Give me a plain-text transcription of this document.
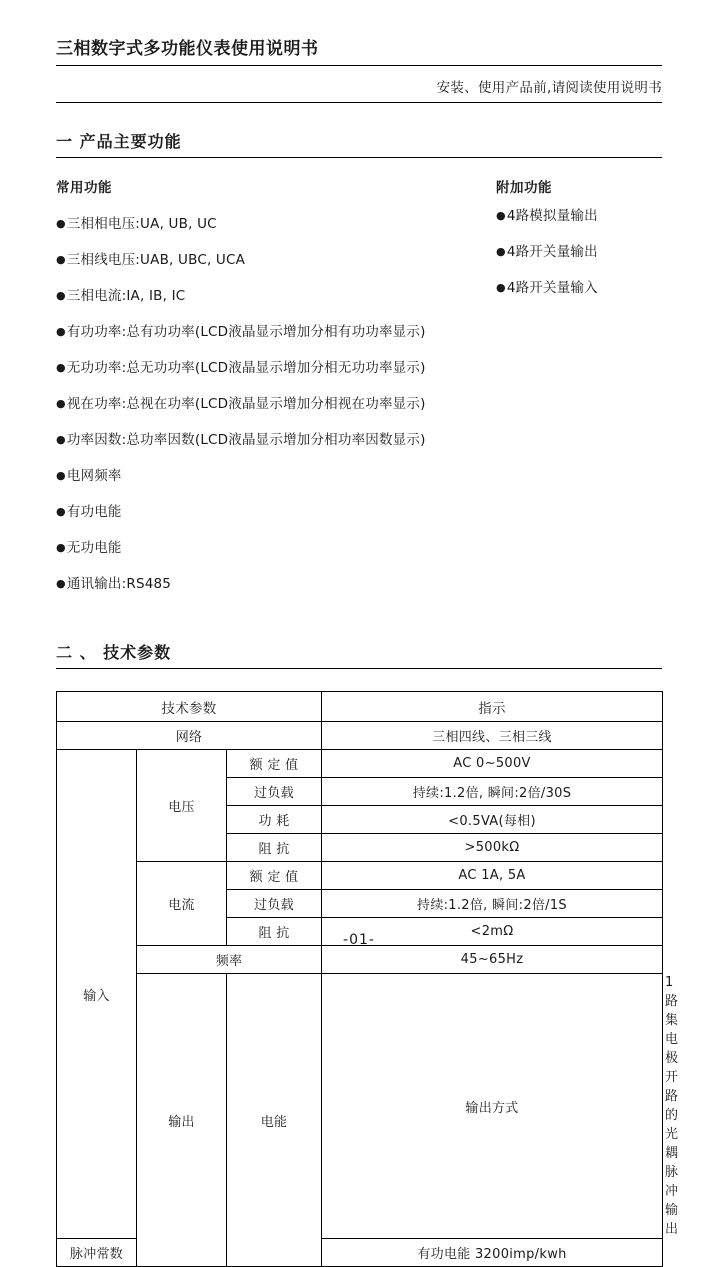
三相数字式多功能仪表使用说明书
安装、使用产品前,请阅读使用说明书
一 产品主要功能
常用功能	附加功能
●三相相电压:UA, UB, UC
●三相线电压:UAB, UBC, UCA
●三相电流:IA, IB, IC
●有功功率:总有功功率(LCD液晶显示增加分相有功功率显示)
●无功功率:总无功功率(LCD液晶显示增加分相无功功率显示)
●视在功率:总视在功率(LCD液晶显示增加分相视在功率显示)
●功率因数:总功率因数(LCD液晶显示增加分相功率因数显示)
●电网频率
●有功电能
●无功电能
●通讯输出:RS485
●4路模拟量输出
●4路开关量输出
●4路开关量输入
二 、 技术参数
技术参数			指示	
网络			三相四线、三相三线	
输入	电压	额 定 值	AC 0~500V	
		过负载	持续:1.2倍, 瞬间:2倍/30S	
		功 耗	<0.5VA(每相)	
		阻 抗	>500kΩ	
	电流	额 定 值	AC 1A, 5A	
		过负载	持续:1.2倍, 瞬间:2倍/1S	
		阻 抗	<2mΩ	
	频率		45~65Hz	
	输出	电能	输出方式	1路集电极开路的光耦脉冲输出
脉冲常数			有功电能 3200imp/kwh	
-01-
